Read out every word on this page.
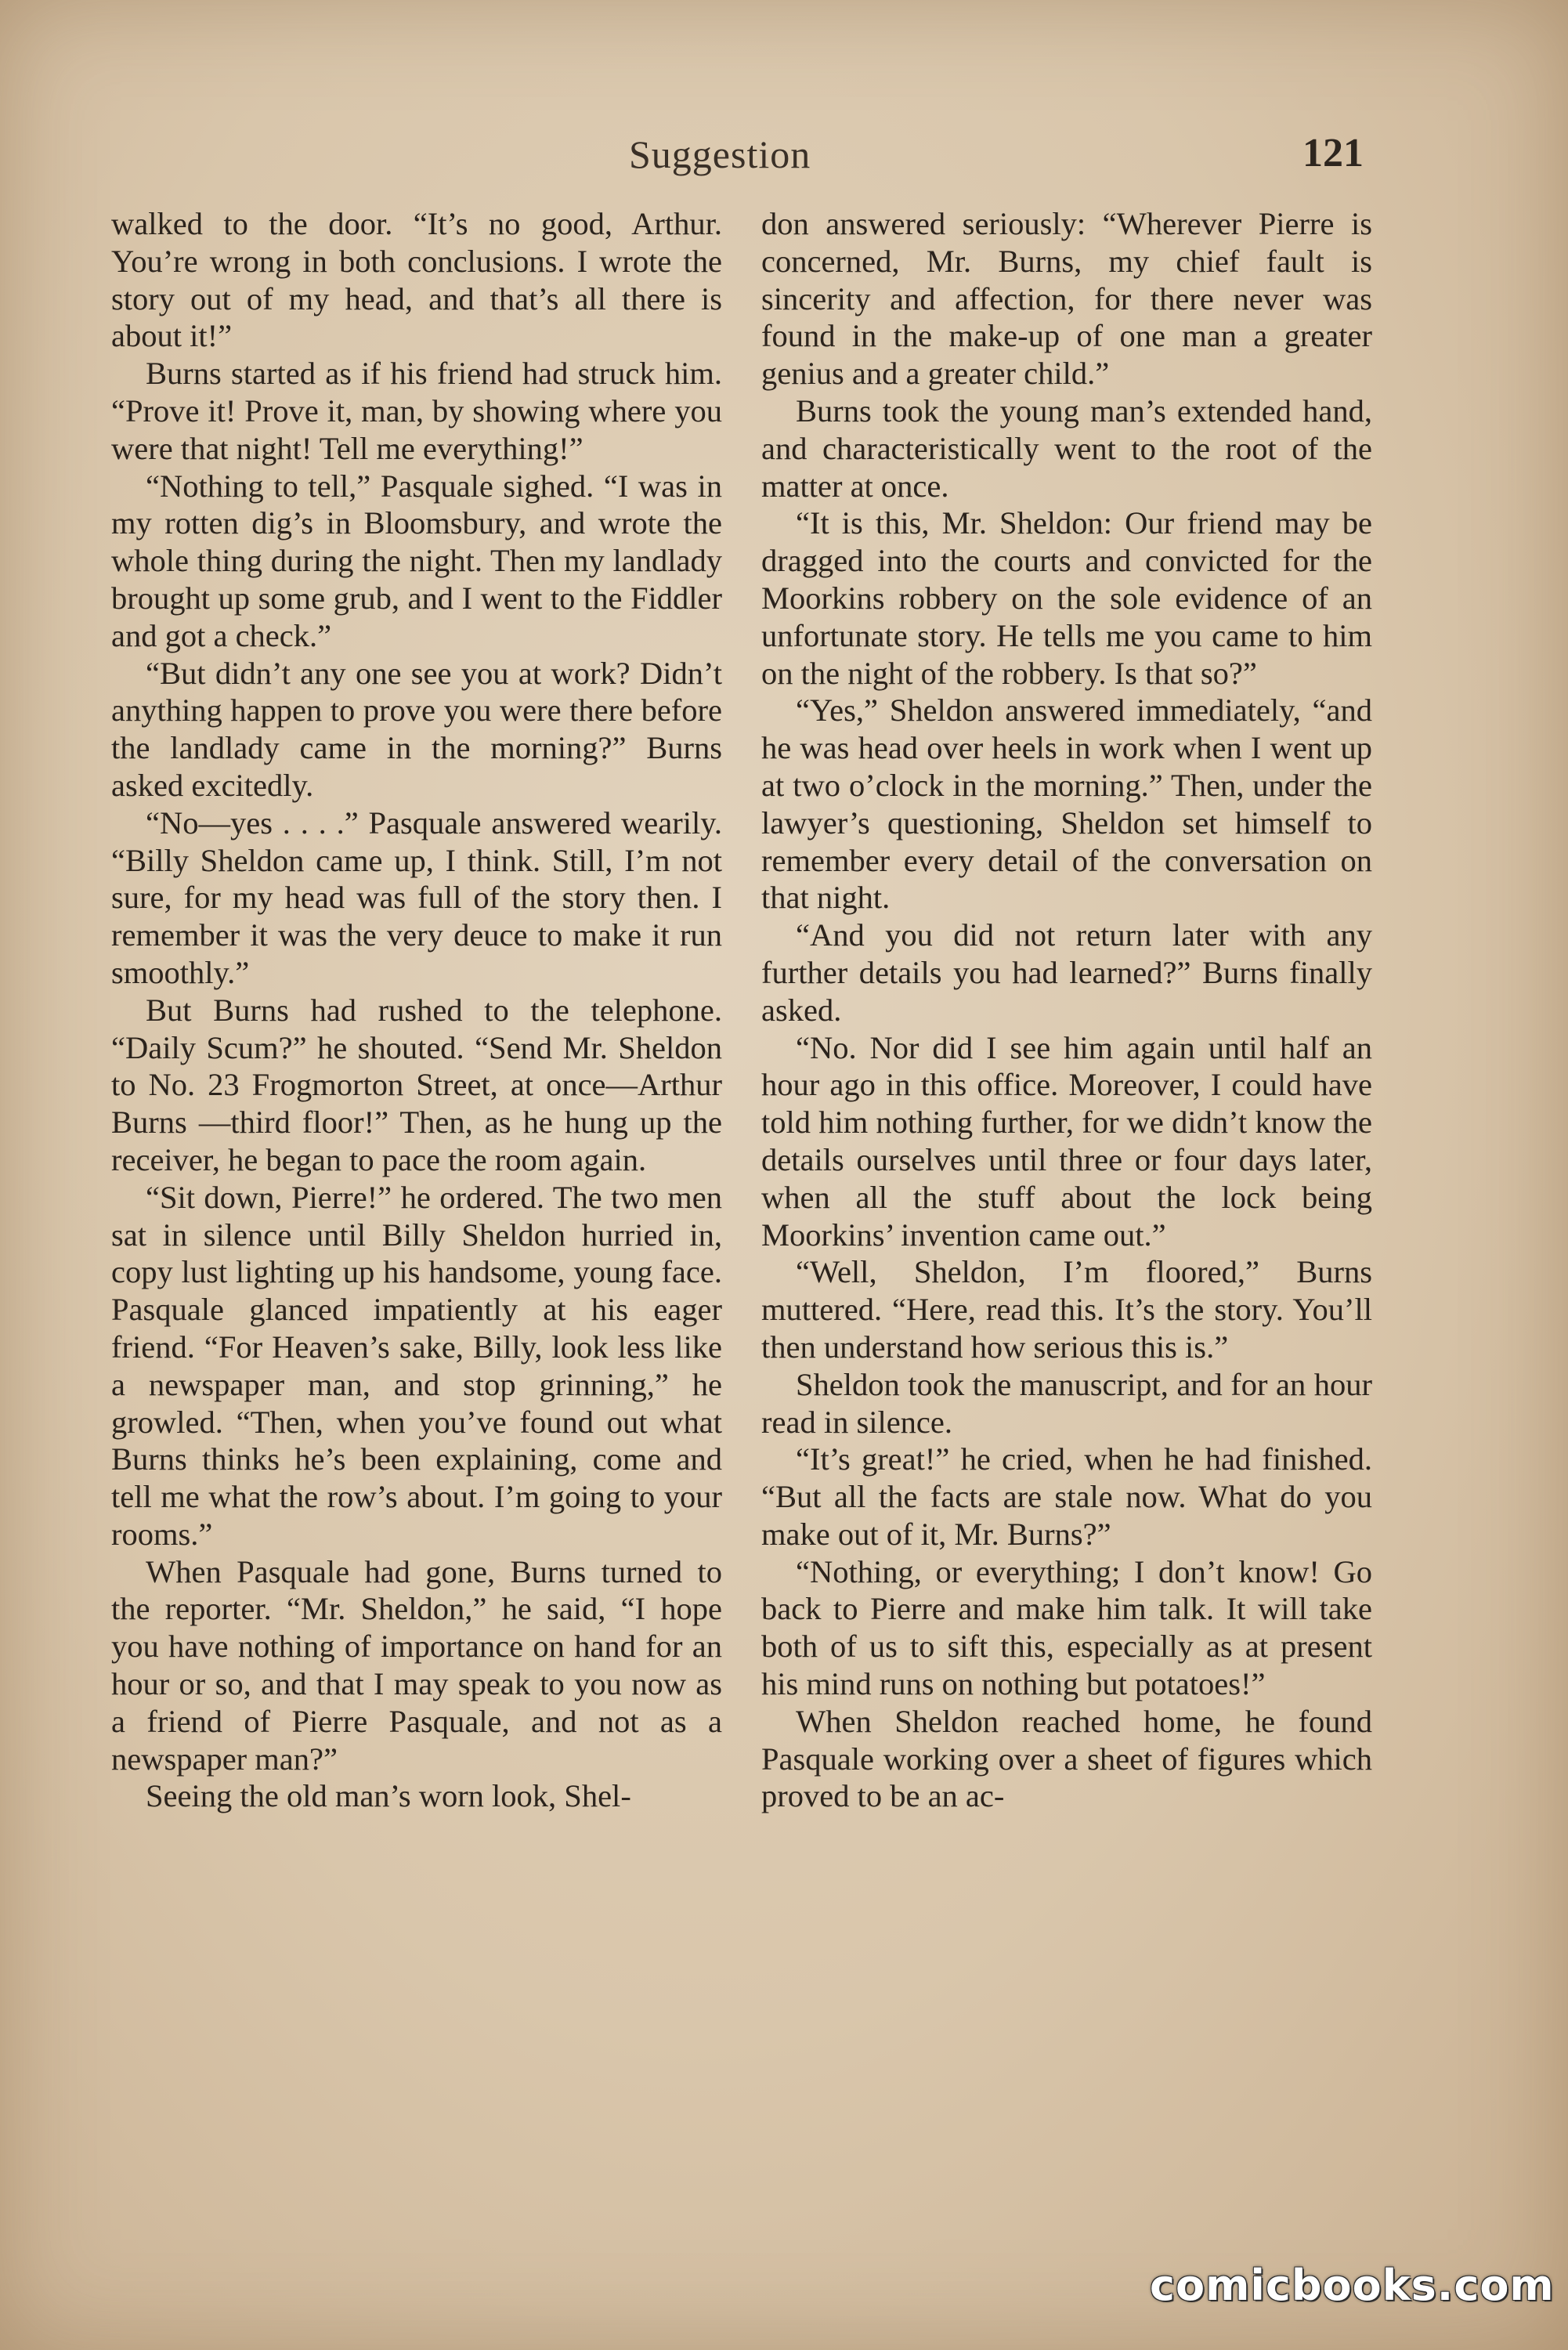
Suggestion	121

walked to the door. “It’s no good, Arthur. You’re wrong in both conclusions. I wrote the story out of my head, and that’s all there is about it!”

Burns started as if his friend had struck him. “Prove it! Prove it, man, by showing where you were that night! Tell me everything!”

“Nothing to tell,” Pasquale sighed. “I was in my rotten dig’s in Bloomsbury, and wrote the whole thing during the night. Then my landlady brought up some grub, and I went to the Fiddler and got a check.”

“But didn’t any one see you at work? Didn’t anything happen to prove you were there before the landlady came in the morning?” Burns asked excitedly.

“No—yes . . . .” Pasquale answered wearily. “Billy Sheldon came up, I think. Still, I’m not sure, for my head was full of the story then. I remember it was the very deuce to make it run smoothly.”

But Burns had rushed to the telephone. “Daily Scum?” he shouted. “Send Mr. Sheldon to No. 23 Frogmorton Street, at once—Arthur Burns —third floor!” Then, as he hung up the receiver, he began to pace the room again.

“Sit down, Pierre!” he ordered. The two men sat in silence until Billy Sheldon hurried in, copy lust lighting up his handsome, young face. Pasquale glanced impatiently at his eager friend. “For Heaven’s sake, Billy, look less like a newspaper man, and stop grinning,” he growled. “Then, when you’ve found out what Burns thinks he’s been explaining, come and tell me what the row’s about. I’m going to your rooms.”

When Pasquale had gone, Burns turned to the reporter. “Mr. Sheldon,” he said, “I hope you have nothing of importance on hand for an hour or so, and that I may speak to you now as a friend of Pierre Pasquale, and not as a newspaper man?”

Seeing the old man’s worn look, Shel-

don answered seriously: “Wherever Pierre is concerned, Mr. Burns, my chief fault is sincerity and affection, for there never was found in the make-up of one man a greater genius and a greater child.”

Burns took the young man’s extended hand, and characteristically went to the root of the matter at once.

“It is this, Mr. Sheldon: Our friend may be dragged into the courts and convicted for the Moorkins robbery on the sole evidence of an unfortunate story. He tells me you came to him on the night of the robbery. Is that so?”

“Yes,” Sheldon answered immediately, “and he was head over heels in work when I went up at two o’clock in the morning.” Then, under the lawyer’s questioning, Sheldon set himself to remember every detail of the conversation on that night.

“And you did not return later with any further details you had learned?” Burns finally asked.

“No. Nor did I see him again until half an hour ago in this office. Moreover, I could have told him nothing further, for we didn’t know the details ourselves until three or four days later, when all the stuff about the lock being Moorkins’ invention came out.”

“Well, Sheldon, I’m floored,” Burns muttered. “Here, read this. It’s the story. You’ll then understand how serious this is.”

Sheldon took the manuscript, and for an hour read in silence.

“It’s great!” he cried, when he had finished. “But all the facts are stale now. What do you make out of it, Mr. Burns?”

“Nothing, or everything; I don’t know! Go back to Pierre and make him talk. It will take both of us to sift this, especially as at present his mind runs on nothing but potatoes!”

When Sheldon reached home, he found Pasquale working over a sheet of figures which proved to be an ac-

comicbooks.com
